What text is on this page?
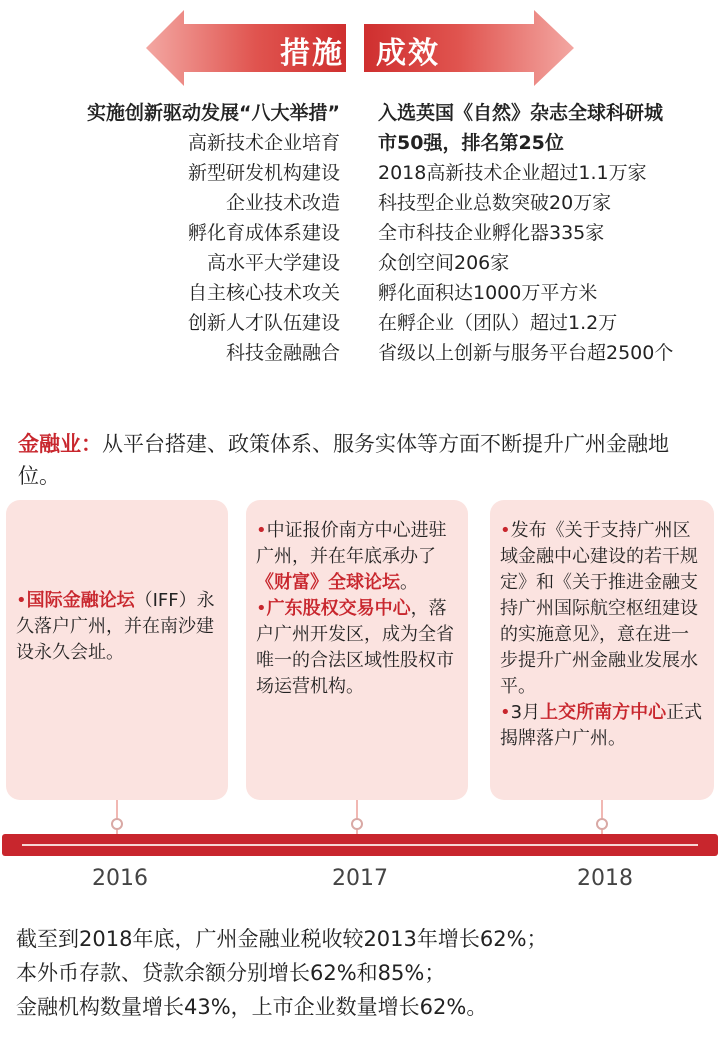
措施 成效
实施创新驱动发展“八大举措”
高新技术企业培育
新型研发机构建设
企业技术改造
孵化育成体系建设
高水平大学建设
自主核心技术攻关
创新人才队伍建设
科技金融融合
入选英国《自然》杂志全球科研城
市50强，排名第25位
2018高新技术企业超过1.1万家
科技型企业总数突破20万家
全市科技企业孵化器335家
众创空间206家
孵化面积达1000万平方米
在孵企业（团队）超过1.2万
省级以上创新与服务平台超2500个
金融业：从平台搭建、政策体系、服务实体等方面不断提升广州金融地位。
•国际金融论坛（IFF）永久落户广州，并在南沙建设永久会址。
•中证报价南方中心进驻广州，并在年底承办了《财富》全球论坛。
•广东股权交易中心，落户广州开发区，成为全省唯一的合法区域性股权市场运营机构。
•发布《关于支持广州区域金融中心建设的若干规定》和《关于推进金融支持广州国际航空枢纽建设的实施意见》，意在进一步提升广州金融业发展水平。
•3月上交所南方中心正式揭牌落户广州。
2016	2017	2018
截至到2018年底，广州金融业税收较2013年增长62%；
本外币存款、贷款余额分别增长62%和85%；
金融机构数量增长43%，上市企业数量增长62%。
